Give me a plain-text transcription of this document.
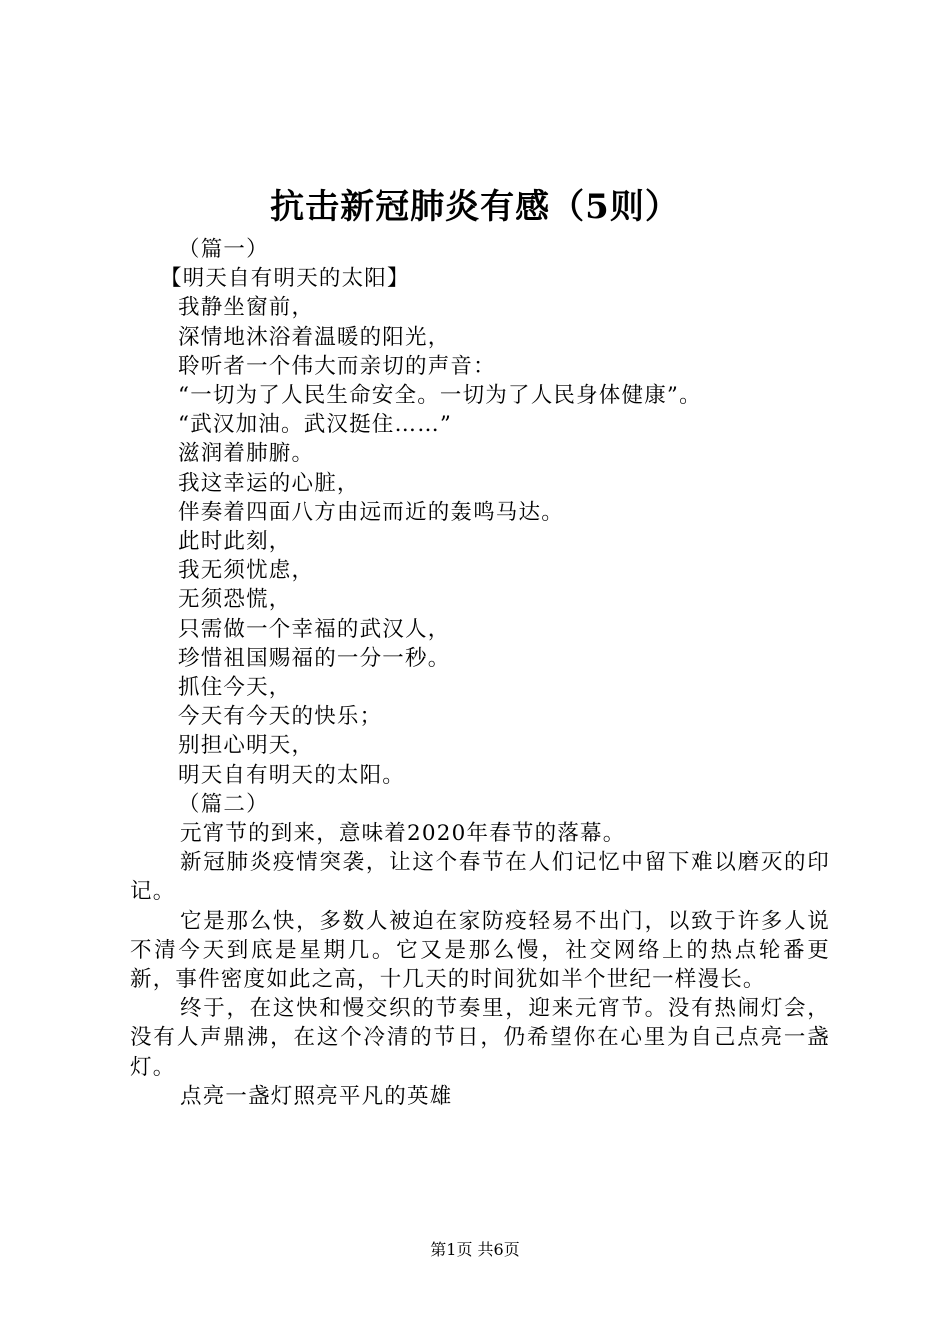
抗击新冠肺炎有感（5则）
（篇一）
【明天自有明天的太阳】
我静坐窗前，
深情地沐浴着温暖的阳光，
聆听者一个伟大而亲切的声音：
“一切为了人民生命安全。一切为了人民身体健康”。
“武汉加油。武汉挺住……”
滋润着肺腑。
我这幸运的心脏，
伴奏着四面八方由远而近的轰鸣马达。
此时此刻，
我无须忧虑，
无须恐慌，
只需做一个幸福的武汉人，
珍惜祖国赐福的一分一秒。
抓住今天，
今天有今天的快乐；
别担心明天，
明天自有明天的太阳。
（篇二）

元宵节的到来，意味着2020年春节的落幕。

新冠肺炎疫情突袭，让这个春节在人们记忆中留下难以磨灭的印记。

它是那么快，多数人被迫在家防疫轻易不出门，以致于许多人说不清今天到底是星期几。它又是那么慢，社交网络上的热点轮番更新，事件密度如此之高，十几天的时间犹如半个世纪一样漫长。

终于，在这快和慢交织的节奏里，迎来元宵节。没有热闹灯会，没有人声鼎沸，在这个冷清的节日，仍希望你在心里为自己点亮一盏灯。

点亮一盏灯照亮平凡的英雄

第1页 共6页
